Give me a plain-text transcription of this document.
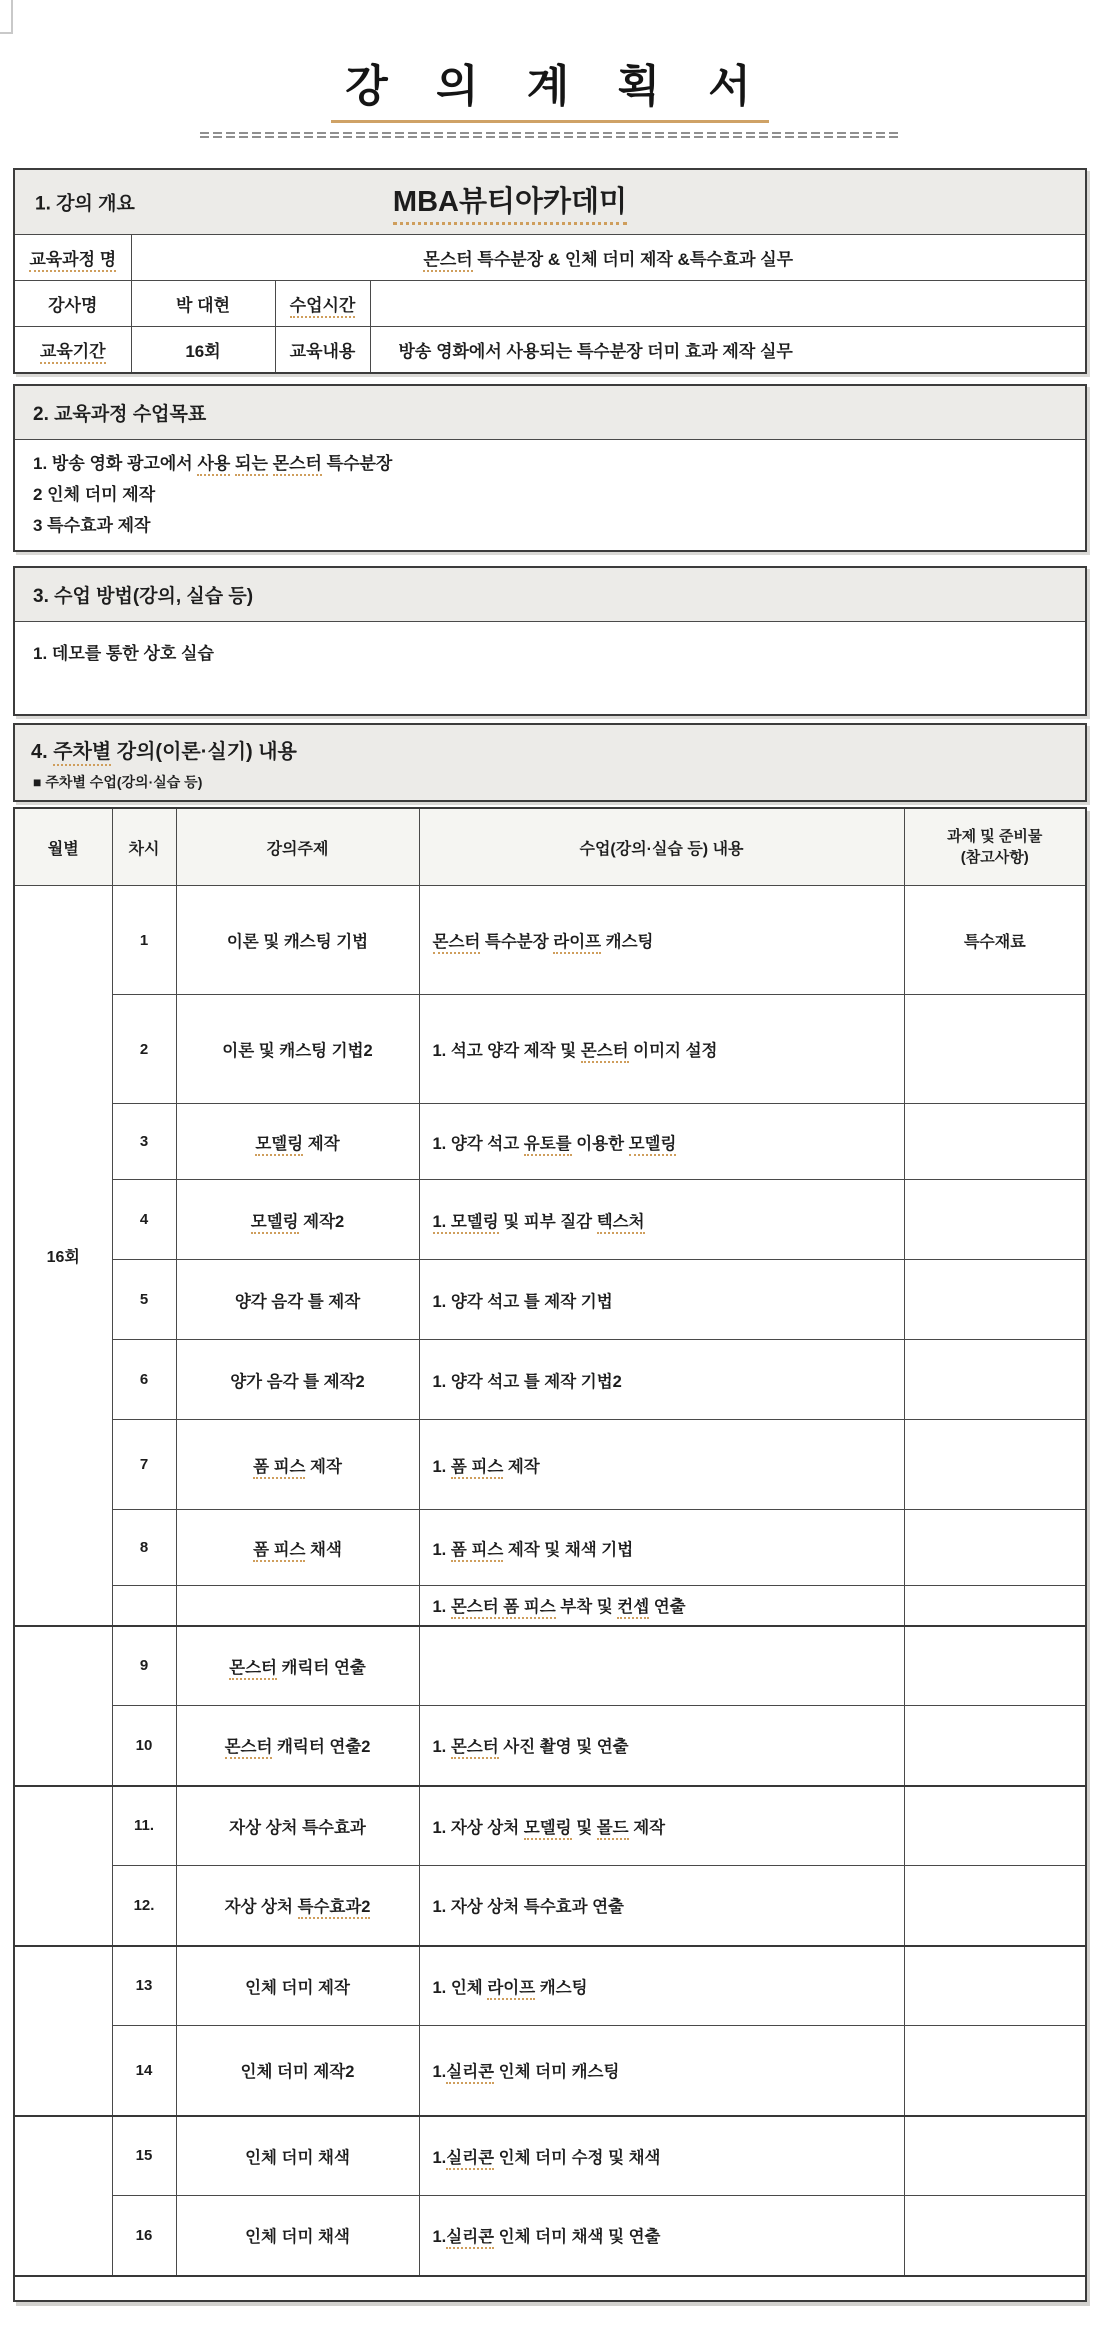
강 의 계 획 서
1. 강의 개요 MBA뷰티아카데미			

교육과정 명	몬스터 특수분장 & 인체 더미 제작 &특수효과 실무		
강사명	박 대현	수업시간	
교육기간	16회	교육내용	방송 영화에서 사용되는 특수분장 더미 효과 제작 실무
2. 교육과정 수업목표

1. 방송 영화 광고에서 사용 되는 몬스터 특수분장

2 인체 더미 제작

3 특수효과 제작

3. 수업 방법(강의, 실습 등)

1. 데모를 통한 상호 실습

4. 주차별 강의(이론·실기) 내용

■ 주차별 수업(강의·실습 등)

월별	차시	강의주제	수업(강의·실습 등) 내용	과제 및 준비물
(참고사항)

16회	1	이론 및 캐스팅 기법	몬스터 특수분장 라이프 캐스팅	특수재료
	2	이론 및 캐스팅 기법2	1. 석고 양각 제작 및 몬스터 이미지 설정	
	3	모델링 제작	1. 양각 석고 유토를 이용한 모델링	
	4	모델링 제작2	1. 모델링 및 피부 질감 텍스처	
	5	양각 음각 틀 제작	1. 양각 석고 틀 제작 기법	
	6	양가 음각 틀 제작2	1. 양각 석고 틀 제작 기법2	
	7	폼 피스 제작	1. 폼 피스 제작	
	8	폼 피스 채색	1. 폼 피스 제작 및 채색 기법	
			1. 몬스터 폼 피스 부착 및 컨셉 연출	
	9	몬스터 캐릭터 연출		
	10	몬스터 캐릭터 연출2	1. 몬스터 사진 촬영 및 연출	
	11.	자상 상처 특수효과	1. 자상 상처 모델링 및 몰드 제작	
	12.	자상 상처 특수효과2	1. 자상 상처 특수효과 연출	
	13	인체 더미 제작	1. 인체 라이프 캐스팅	
	14	인체 더미 제작2	1.실리콘 인체 더미 캐스팅	
	15	인체 더미 채색	1.실리콘 인체 더미 수정 및 채색	
	16	인체 더미 채색	1.실리콘 인체 더미 채색 및 연출	
